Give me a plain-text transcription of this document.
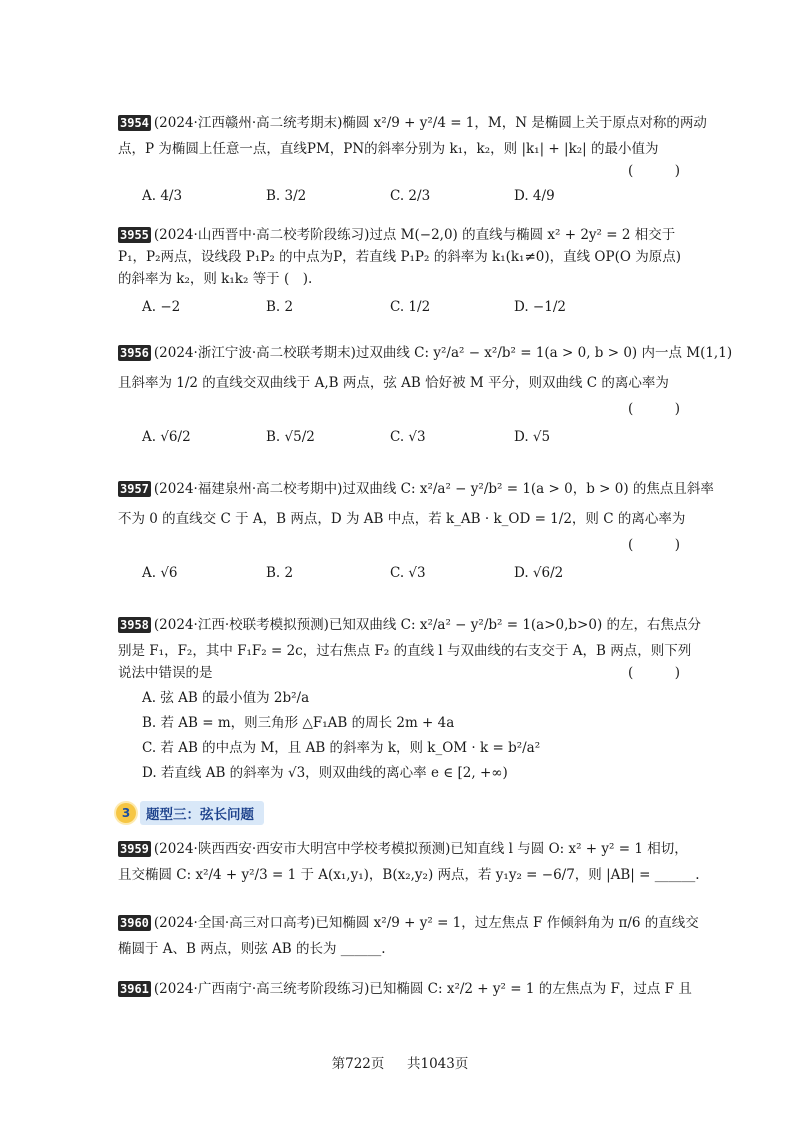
3954 (2024·江西赣州·高二统考期末) 椭圆 x²/9 + y²/4 = 1，M，N 是椭圆上关于原点对称的两动
点，P 为椭圆上任意一点，直线PM，PN的斜率分别为 k₁，k₂，则 |k₁| + |k₂| 的最小值为
(	)
A. 4/3	B. 3/2	C. 2/3	D. 4/9
3955 (2024·山西晋中·高二校考阶段练习) 过点 M(−2,0) 的直线与椭圆 x² + 2y² = 2 相交于
P₁，P₂两点，设线段 P₁P₂ 的中点为P，若直线 P₁P₂ 的斜率为 k₁(k₁≠0)，直线 OP(O 为原点)
的斜率为 k₂，则 k₁k₂ 等于 (　).
A. −2	B. 2	C. 1/2	D. −1/2
3956 (2024·浙江宁波·高二校联考期末) 过双曲线 C: y²/a² − x²/b² = 1(a > 0, b > 0) 内一点 M(1,1)
且斜率为 1/2 的直线交双曲线于 A,B 两点，弦 AB 恰好被 M 平分，则双曲线 C 的离心率为
(	)
A. √6/2	B. √5/2	C. √3	D. √5
3957 (2024·福建泉州·高二校考期中) 过双曲线 C: x²/a² − y²/b² = 1(a > 0，b > 0) 的焦点且斜率
不为 0 的直线交 C 于 A，B 两点，D 为 AB 中点，若 k_AB · k_OD = 1/2，则 C 的离心率为
(	)
A. √6	B. 2	C. √3	D. √6/2
3958 (2024·江西·校联考模拟预测) 已知双曲线 C: x²/a² − y²/b² = 1(a>0,b>0) 的左，右焦点分
别是 F₁，F₂，其中 F₁F₂ = 2c，过右焦点 F₂ 的直线 l 与双曲线的右支交于 A，B 两点，则下列
说法中错误的是	(	)
A. 弦 AB 的最小值为 2b²/a
B. 若 AB = m，则三角形 △F₁AB 的周长 2m + 4a
C. 若 AB 的中点为 M，且 AB 的斜率为 k，则 k_OM · k = b²/a²
D. 若直线 AB 的斜率为 √3，则双曲线的离心率 e ∈ [2, +∞)
3	题型三：弦长问题
3959 (2024·陕西西安·西安市大明宫中学校考模拟预测) 已知直线 l 与圆 O: x² + y² = 1 相切，
且交椭圆 C: x²/4 + y²/3 = 1 于 A(x₁,y₁)，B(x₂,y₂) 两点，若 y₁y₂ = −6/7，则 |AB| = ______.
3960 (2024·全国·高三对口高考) 已知椭圆 x²/9 + y² = 1，过左焦点 F 作倾斜角为 π/6 的直线交
椭圆于 A、B 两点，则弦 AB 的长为 ______.
3961 (2024·广西南宁·高三统考阶段练习) 已知椭圆 C: x²/2 + y² = 1 的左焦点为 F，过点 F 且
第722页 共1043页
